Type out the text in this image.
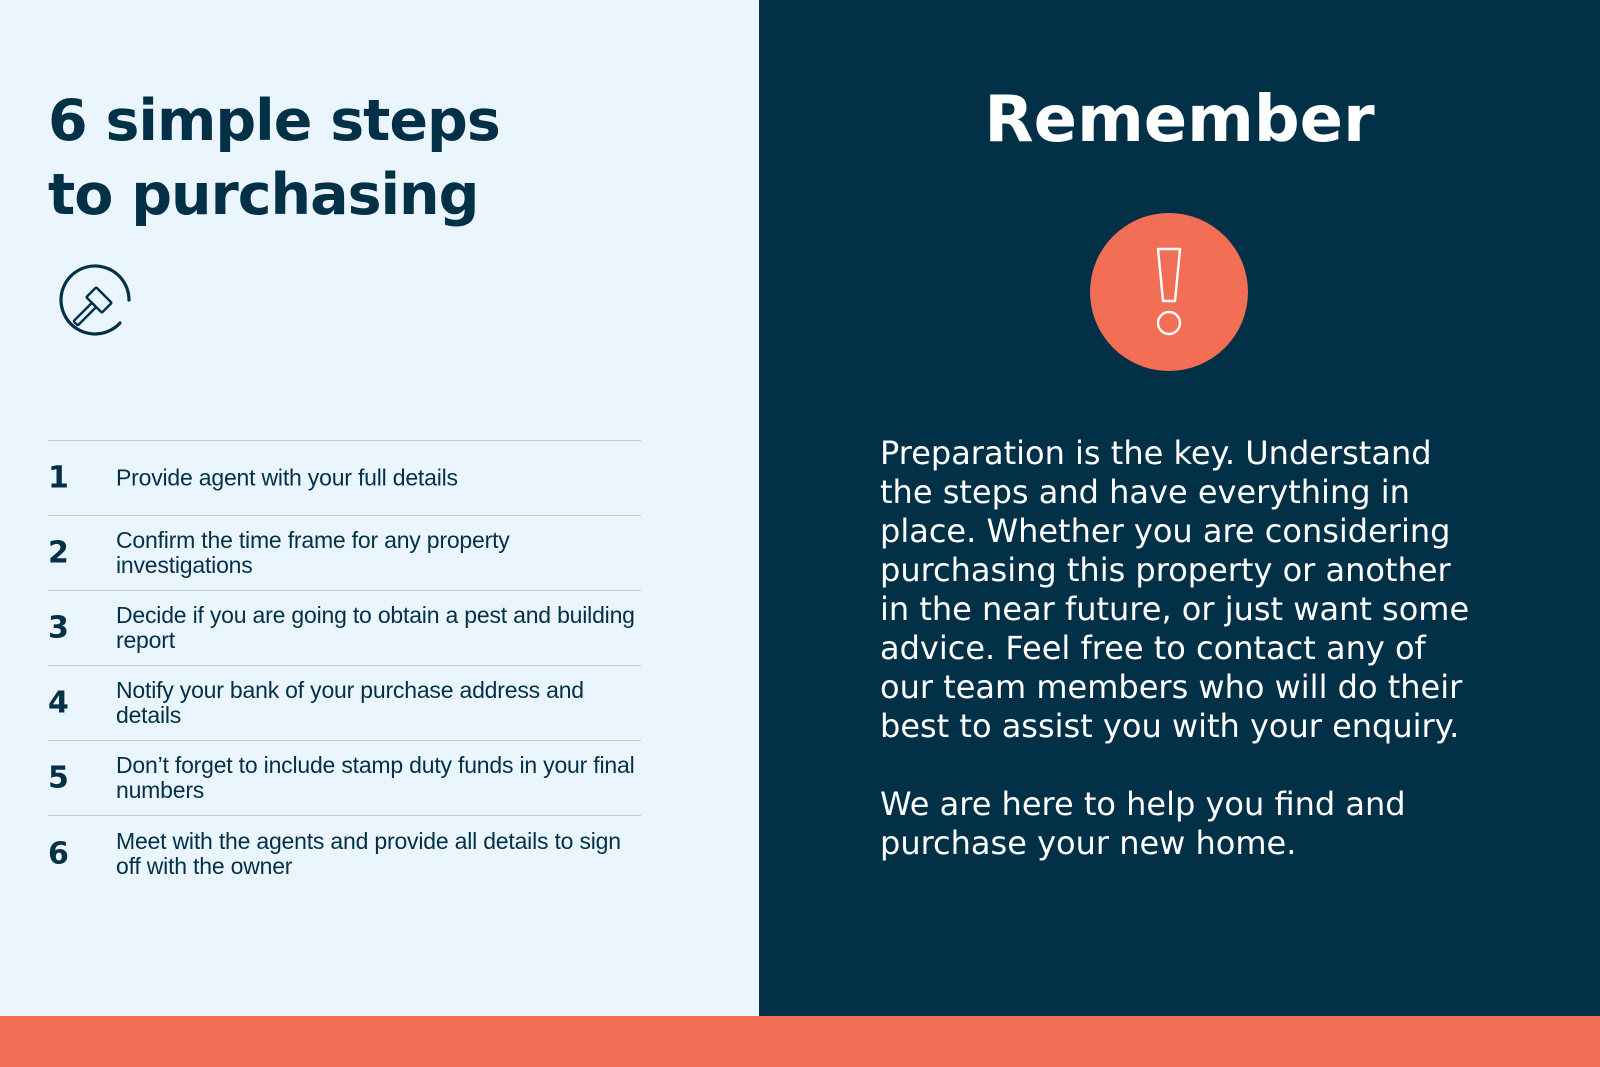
6 simple steps
to purchasing
1 Provide agent with your full details
2 Confirm the time frame for any property investigations
3 Decide if you are going to obtain a pest and building report
4 Notify your bank of your purchase address and details
5 Don’t forget to include stamp duty funds in your final numbers
6 Meet with the agents and provide all details to sign off with the owner
Remember

Preparation is the key. Understand
the steps and have everything in
place. Whether you are considering
purchasing this property or another
in the near future, or just want some
advice. Feel free to contact any of
our team members who will do their
best to assist you with your enquiry.

We are here to help you find and
purchase your new home.
